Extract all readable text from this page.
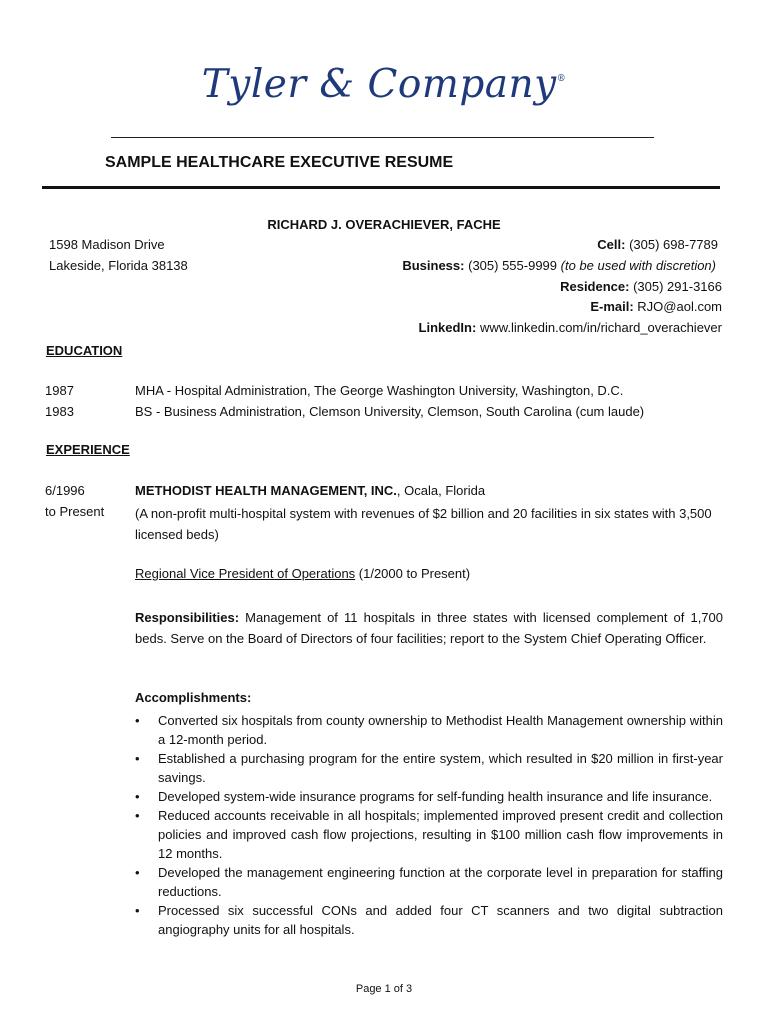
Tyler & Company®
SAMPLE HEALTHCARE EXECUTIVE RESUME
RICHARD J. OVERACHIEVER, FACHE
1598 Madison Drive
Lakeside, Florida 38138
Cell: (305) 698-7789
Business: (305) 555-9999 (to be used with discretion)
Residence: (305) 291-3166
E-mail: RJO@aol.com
LinkedIn: www.linkedin.com/in/richard_overachiever
EDUCATION
1987	MHA - Hospital Administration, The George Washington University, Washington, D.C.
1983	BS - Business Administration, Clemson University, Clemson, South Carolina (cum laude)
EXPERIENCE
6/1996
to Present
METHODIST HEALTH MANAGEMENT, INC., Ocala, Florida

(A non-profit multi-hospital system with revenues of $2 billion and 20 facilities in six states with 3,500 licensed beds)

Regional Vice President of Operations (1/2000 to Present)

Responsibilities: Management of 11 hospitals in three states with licensed complement of 1,700 beds. Serve on the Board of Directors of four facilities; report to the System Chief Operating Officer.

Accomplishments:
• Converted six hospitals from county ownership to Methodist Health Management ownership within a 12-month period.
• Established a purchasing program for the entire system, which resulted in $20 million in first-year savings.
• Developed system-wide insurance programs for self-funding health insurance and life insurance.
• Reduced accounts receivable in all hospitals; implemented improved present credit and collection policies and improved cash flow projections, resulting in $100 million cash flow improvements in 12 months.
• Developed the management engineering function at the corporate level in preparation for staffing reductions.
• Processed six successful CONs and added four CT scanners and two digital subtraction angiography units for all hospitals.
Page 1 of 3
